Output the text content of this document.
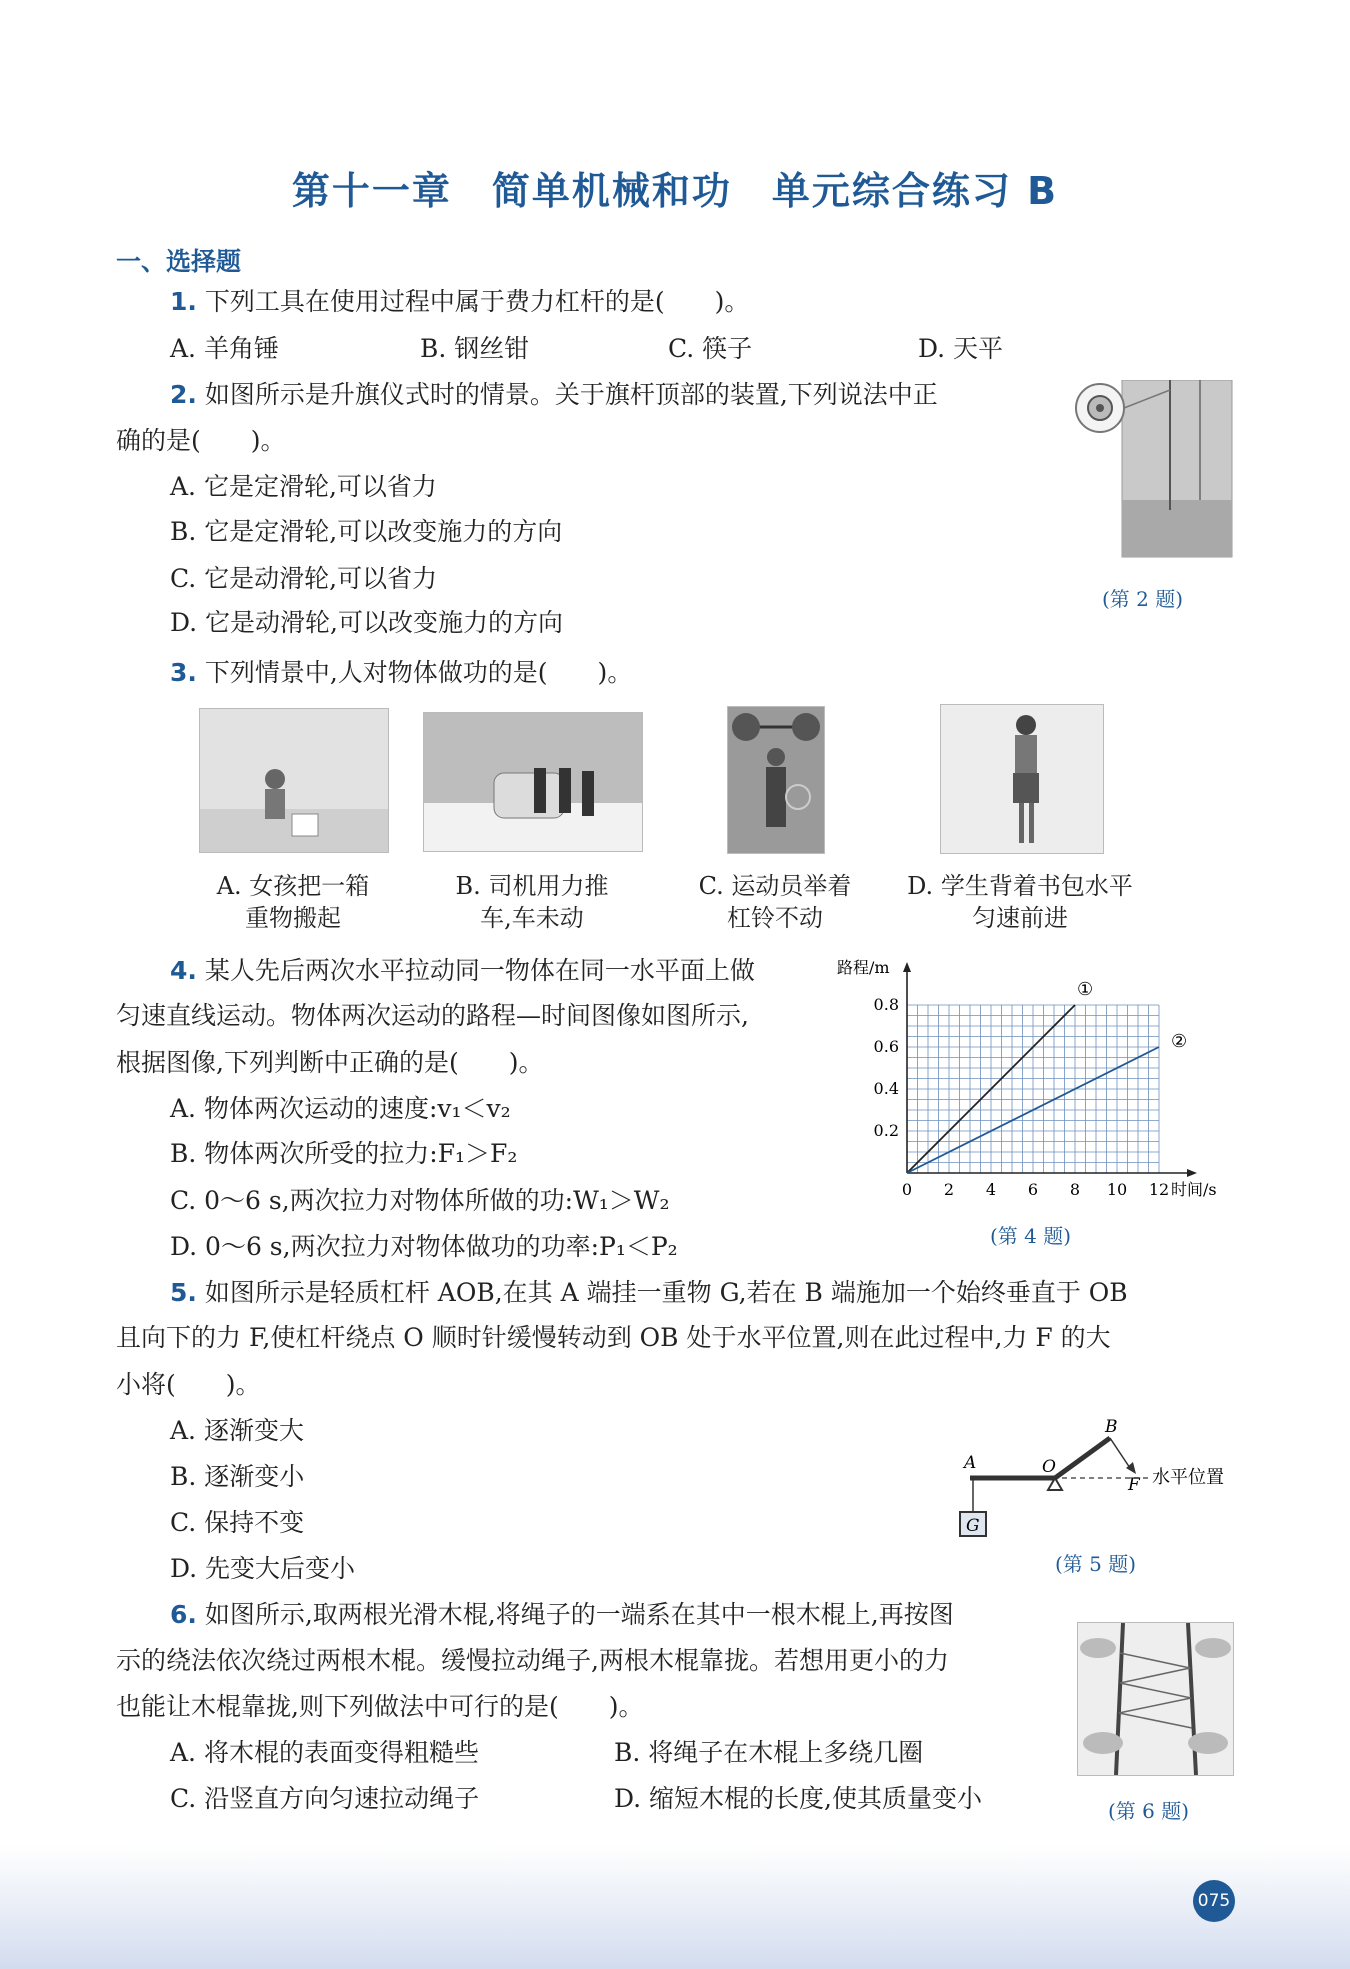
第十一章　简单机械和功　单元综合练习 B
一、选择题
1. 下列工具在使用过程中属于费力杠杆的是(　　)。
A. 羊角锤	B. 钢丝钳	C. 筷子	D. 天平
2. 如图所示是升旗仪式时的情景。关于旗杆顶部的装置,下列说法中正
确的是(　　)。
A. 它是定滑轮,可以省力
B. 它是定滑轮,可以改变施力的方向
C. 它是动滑轮,可以省力
D. 它是动滑轮,可以改变施力的方向
(第 2 题)
3. 下列情景中,人对物体做功的是(　　)。
A. 女孩把一箱
重物搬起
B. 司机用力推
车,车未动
C. 运动员举着
杠铃不动
D. 学生背着书包水平
匀速前进
4. 某人先后两次水平拉动同一物体在同一水平面上做
匀速直线运动。物体两次运动的路程—时间图像如图所示,
根据图像,下列判断中正确的是(　　)。
A. 物体两次运动的速度:v₁＜v₂
B. 物体两次所受的拉力:F₁＞F₂
C. 0～6 s,两次拉力对物体所做的功:W₁＞W₂
D. 0～6 s,两次拉力对物体做功的功率:P₁＜P₂
0 2 4 6 8 10 12
0.2
0.4
0.6
0.8
时间/s
路程/m
①
②
(第 4 题)
5. 如图所示是轻质杠杆 AOB,在其 A 端挂一重物 G,若在 B 端施加一个始终垂直于 OB
且向下的力 F,使杠杆绕点 O 顺时针缓慢转动到 OB 处于水平位置,则在此过程中,力 F 的大
小将(　　)。
A. 逐渐变大
B. 逐渐变小
C. 保持不变
D. 先变大后变小
G
A	O
B
F 水平位置
(第 5 题)
6. 如图所示,取两根光滑木棍,将绳子的一端系在其中一根木棍上,再按图
示的绕法依次绕过两根木棍。缓慢拉动绳子,两根木棍靠拢。若想用更小的力
也能让木棍靠拢,则下列做法中可行的是(　　)。
A. 将木棍的表面变得粗糙些	B. 将绳子在木棍上多绕几圈
C. 沿竖直方向匀速拉动绳子	D. 缩短木棍的长度,使其质量变小	(第 6 题)
075
